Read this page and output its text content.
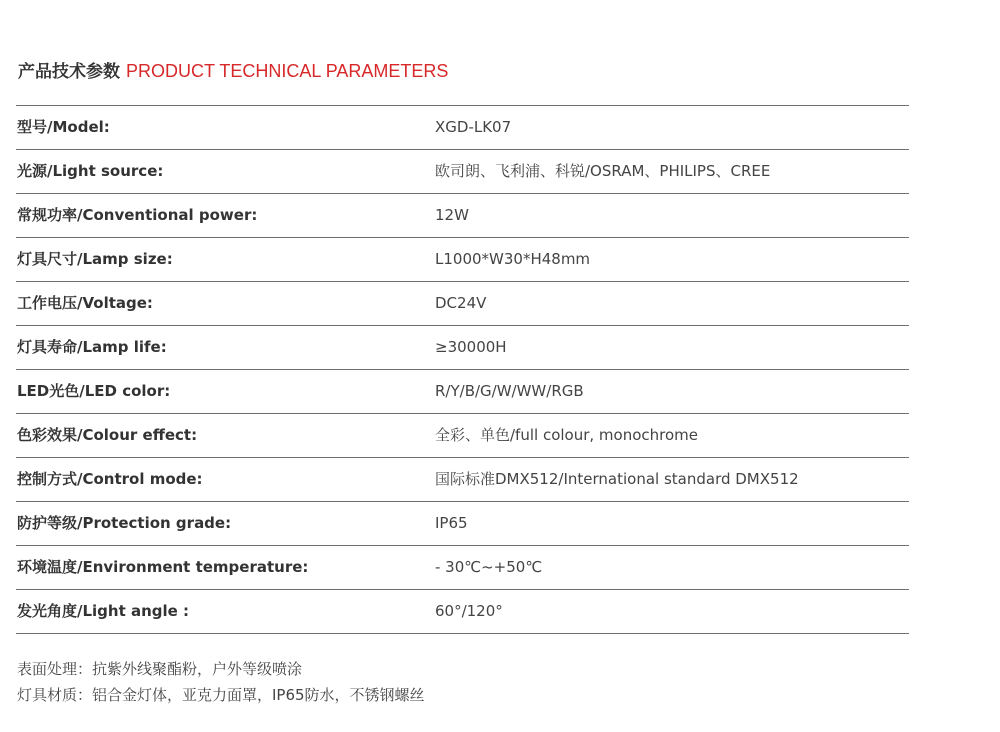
产品技术参数 PRODUCT TECHNICAL PARAMETERS
型号/Model:	XGD-LK07
光源/Light source:	欧司朗、飞利浦、科锐/OSRAM、PHILIPS、CREE
常规功率/Conventional power:	12W
灯具尺寸/Lamp size:	L1000*W30*H48mm
工作电压/Voltage:	DC24V
灯具寿命/Lamp life:	≥30000H
LED光色/LED color:	R/Y/B/G/W/WW/RGB
色彩效果/Colour effect:	全彩、单色/full colour, monochrome
控制方式/Control mode:	国际标准DMX512/International standard DMX512
防护等级/Protection grade:	IP65
环境温度/Environment temperature:	- 30℃~+50℃
发光角度/Light angle :	60°/120°
表面处理：抗紫外线聚酯粉，户外等级喷涂
灯具材质：铝合金灯体，亚克力面罩，IP65防水，不锈钢螺丝
